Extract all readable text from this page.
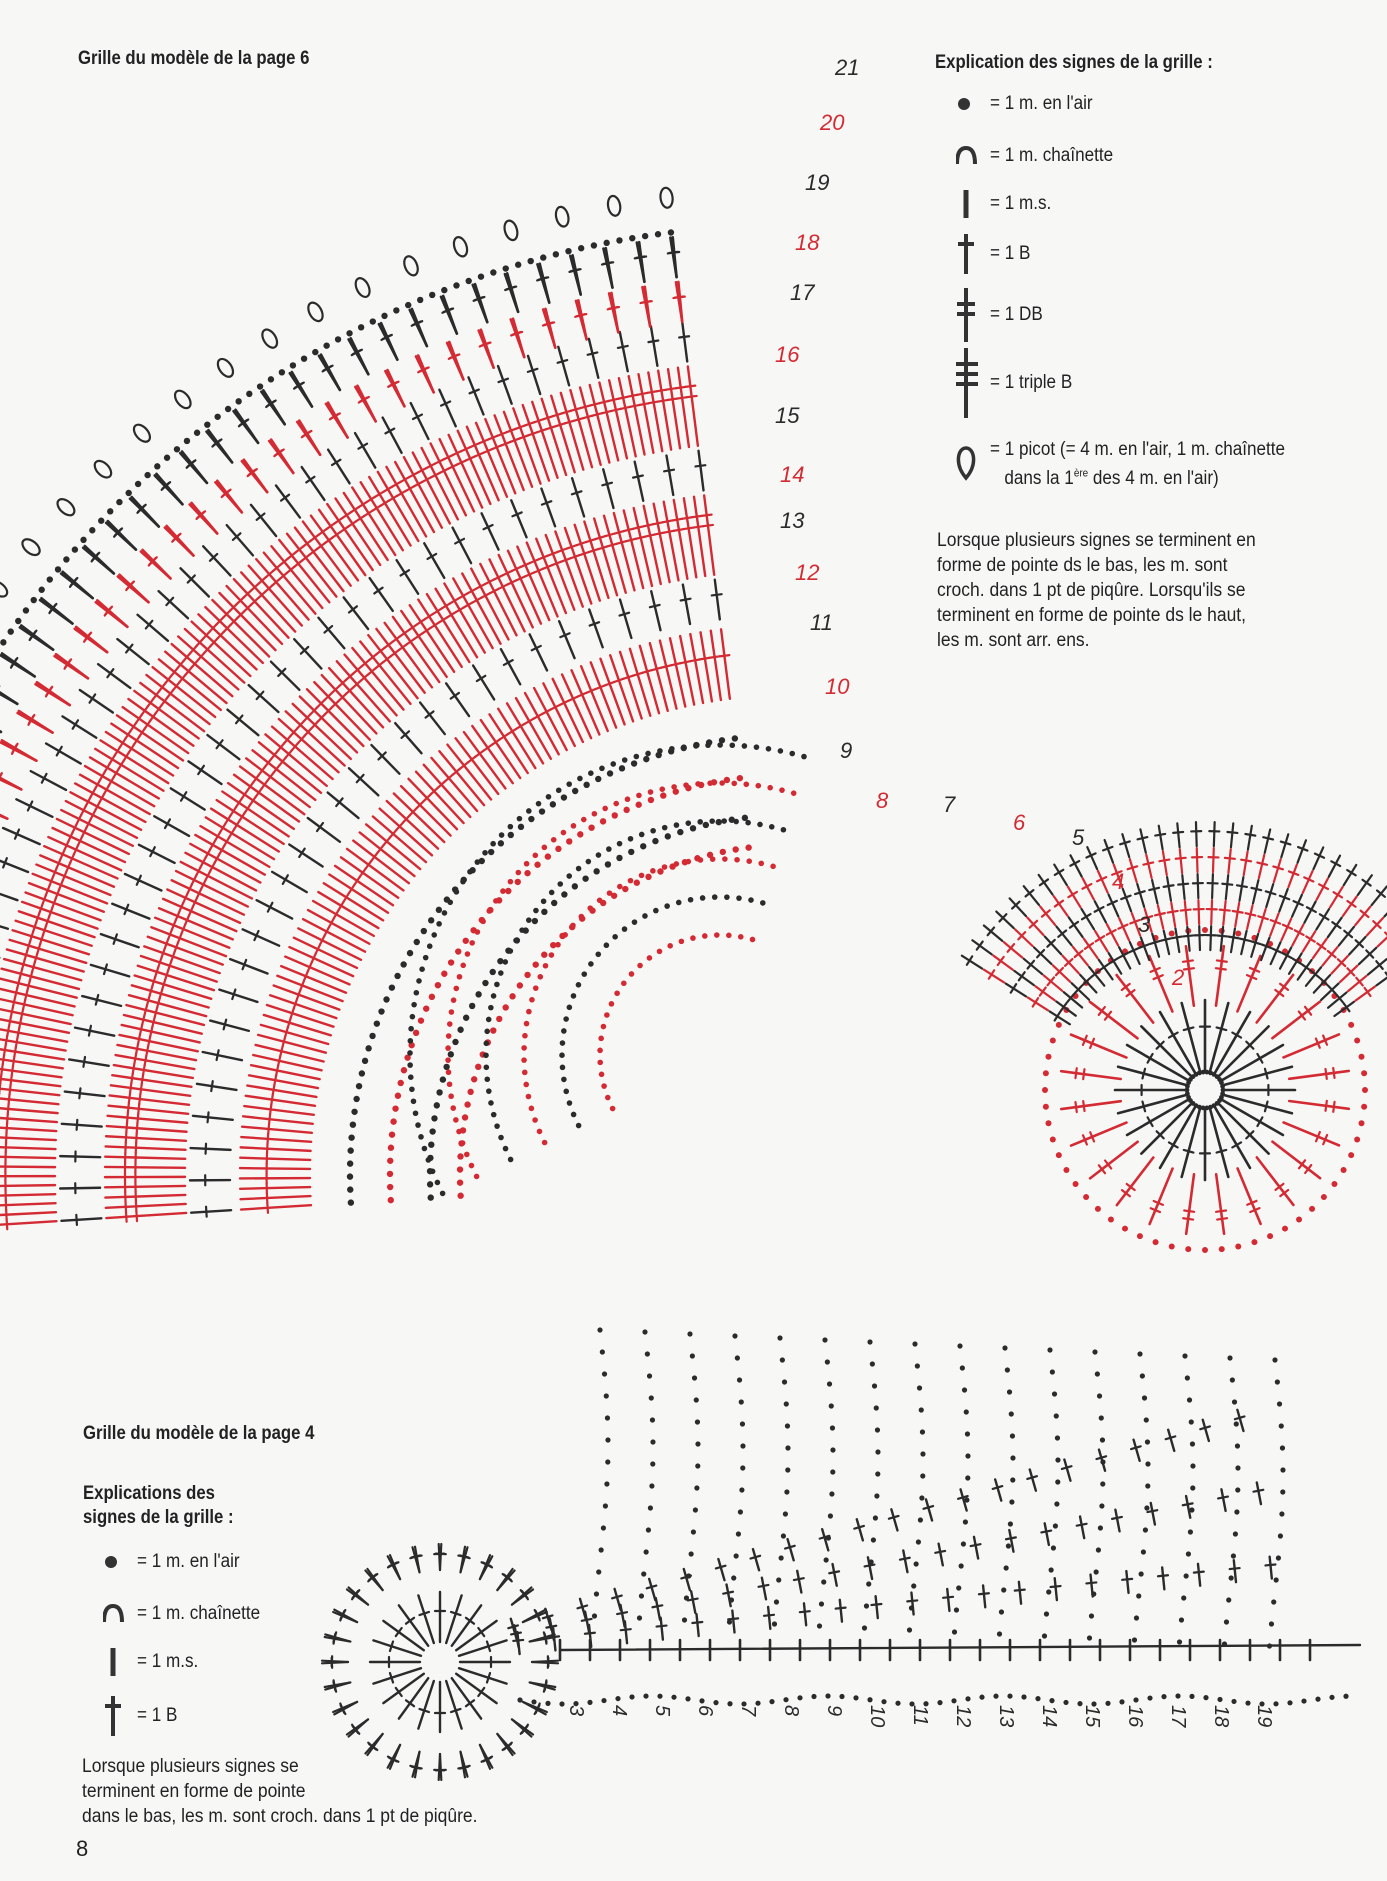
2
3
4
5
6
7
8
9
10
11
12
13
14
15
16
17
18
19
20
21
3 4 5 6 7 8 9 10 11 12 13 14 15 16 17 18 19
Grille du modèle de la page 6	Explication des signes de la grille :
= 1 m. en l'air
= 1 m. chaînette
= 1 m.s.
= 1 B
= 1 DB
= 1 triple B
= 1 picot (= 4 m. en l'air, 1 m. chaînette
dans la 1ère des 4 m. en l'air)
Lorsque plusieurs signes se terminent en
forme de pointe ds le bas, les m. sont
croch. dans 1 pt de piqûre. Lorsqu'ils se
terminent en forme de pointe ds le haut,
les m. sont arr. ens.
Grille du modèle de la page 4
Explications des
signes de la grille :
= 1 m. en l'air
= 1 m. chaînette
= 1 m.s.
= 1 B
Lorsque plusieurs signes se
terminent en forme de pointe
dans le bas, les m. sont croch. dans 1 pt de piqûre.
8
